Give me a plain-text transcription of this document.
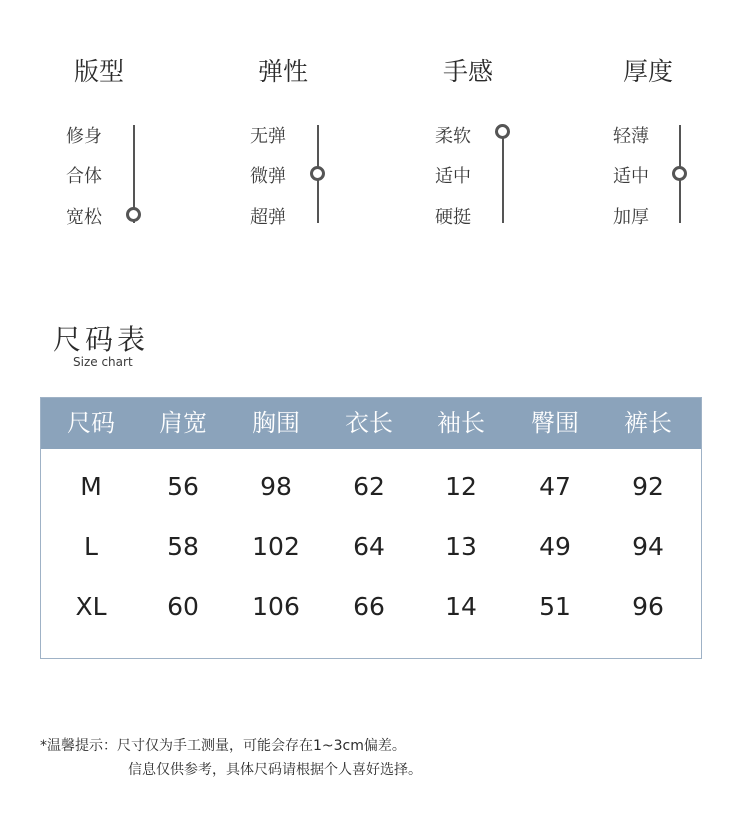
版型
修身
合体
宽松
弹性
无弹
微弹
超弹
手感
柔软
适中
硬挺
厚度
轻薄
适中
加厚
尺码表
Size chart
尺码	肩宽	胸围	衣长	袖长	臀围	裤长
M	56	98	62	12	47	92
L	58	102	64	13	49	94
XL	60	106	66	14	51	96
*温馨提示：尺寸仅为手工测量，可能会存在1~3cm偏差。
信息仅供参考，具体尺码请根据个人喜好选择。
